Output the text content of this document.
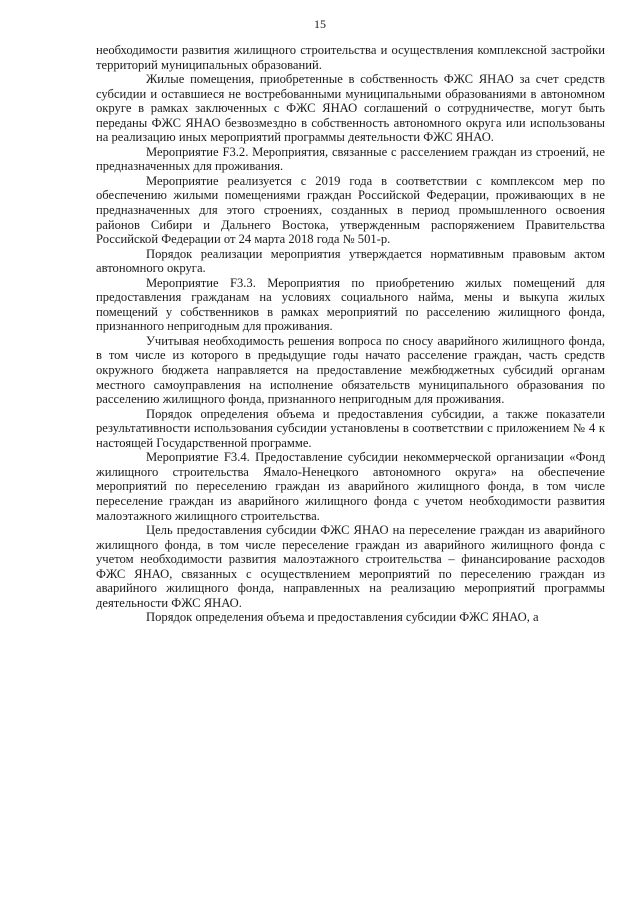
15

необходимости развития жилищного строительства и осуществления комплексной застройки территорий муниципальных образований.

Жилые помещения, приобретенные в собственность ФЖС ЯНАО за счет средств субсидии и оставшиеся не востребованными муниципальными образованиями в автономном округе в рамках заключенных с ФЖС ЯНАО соглашений о сотрудничестве, могут быть переданы ФЖС ЯНАО безвозмездно в собственность автономного округа или использованы на реализацию иных мероприятий программы деятельности ФЖС ЯНАО.

Мероприятие F3.2. Мероприятия, связанные с расселением граждан из строений, не предназначенных для проживания.

Мероприятие реализуется с 2019 года в соответствии с комплексом мер по обеспечению жилыми помещениями граждан Российской Федерации, проживающих в не предназначенных для этого строениях, созданных в период промышленного освоения районов Сибири и Дальнего Востока, утвержденным распоряжением Правительства Российской Федерации от 24 марта 2018 года № 501-р.

Порядок реализации мероприятия утверждается нормативным правовым актом автономного округа.

Мероприятие F3.3. Мероприятия по приобретению жилых помещений для предоставления гражданам на условиях социального найма, мены и выкупа жилых помещений у собственников в рамках мероприятий по расселению жилищного фонда, признанного непригодным для проживания.

Учитывая необходимость решения вопроса по сносу аварийного жилищного фонда, в том числе из которого в предыдущие годы начато расселение граждан, часть средств окружного бюджета направляется на предоставление межбюджетных субсидий органам местного самоуправления на исполнение обязательств муниципального образования по расселению жилищного фонда, признанного непригодным для проживания.

Порядок определения объема и предоставления субсидии, а также показатели результативности использования субсидии установлены в соответствии с приложением № 4 к настоящей Государственной программе.

Мероприятие F3.4. Предоставление субсидии некоммерческой организации «Фонд жилищного строительства Ямало-Ненецкого автономного округа» на обеспечение мероприятий по переселению граждан из аварийного жилищного фонда, в том числе переселение граждан из аварийного жилищного фонда с учетом необходимости развития малоэтажного жилищного строительства.

Цель предоставления субсидии ФЖС ЯНАО на переселение граждан из аварийного жилищного фонда, в том числе переселение граждан из аварийного жилищного фонда с учетом необходимости развития малоэтажного строительства – финансирование расходов ФЖС ЯНАО, связанных с осуществлением мероприятий по переселению граждан из аварийного жилищного фонда, направленных на реализацию мероприятий программы деятельности ФЖС ЯНАО.

Порядок определения объема и предоставления субсидии ФЖС ЯНАО, а
